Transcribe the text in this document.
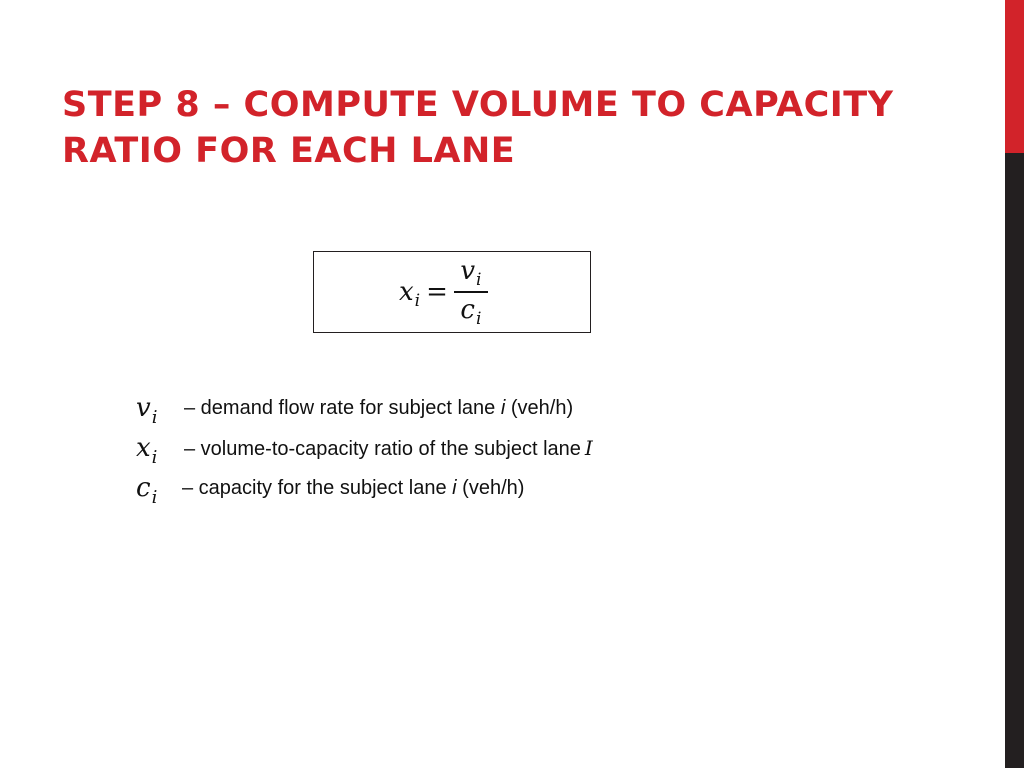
STEP 8 – COMPUTE VOLUME TO CAPACITY
RATIO FOR EACH LANE
x $i = \frac{\text{v i}}{\text{c i}}$
v i – demand flow rate for subject lane i (veh/h)
x i – volume-to-capacity ratio of the subject lane I
c i – capacity for the subject lane i (veh/h)
